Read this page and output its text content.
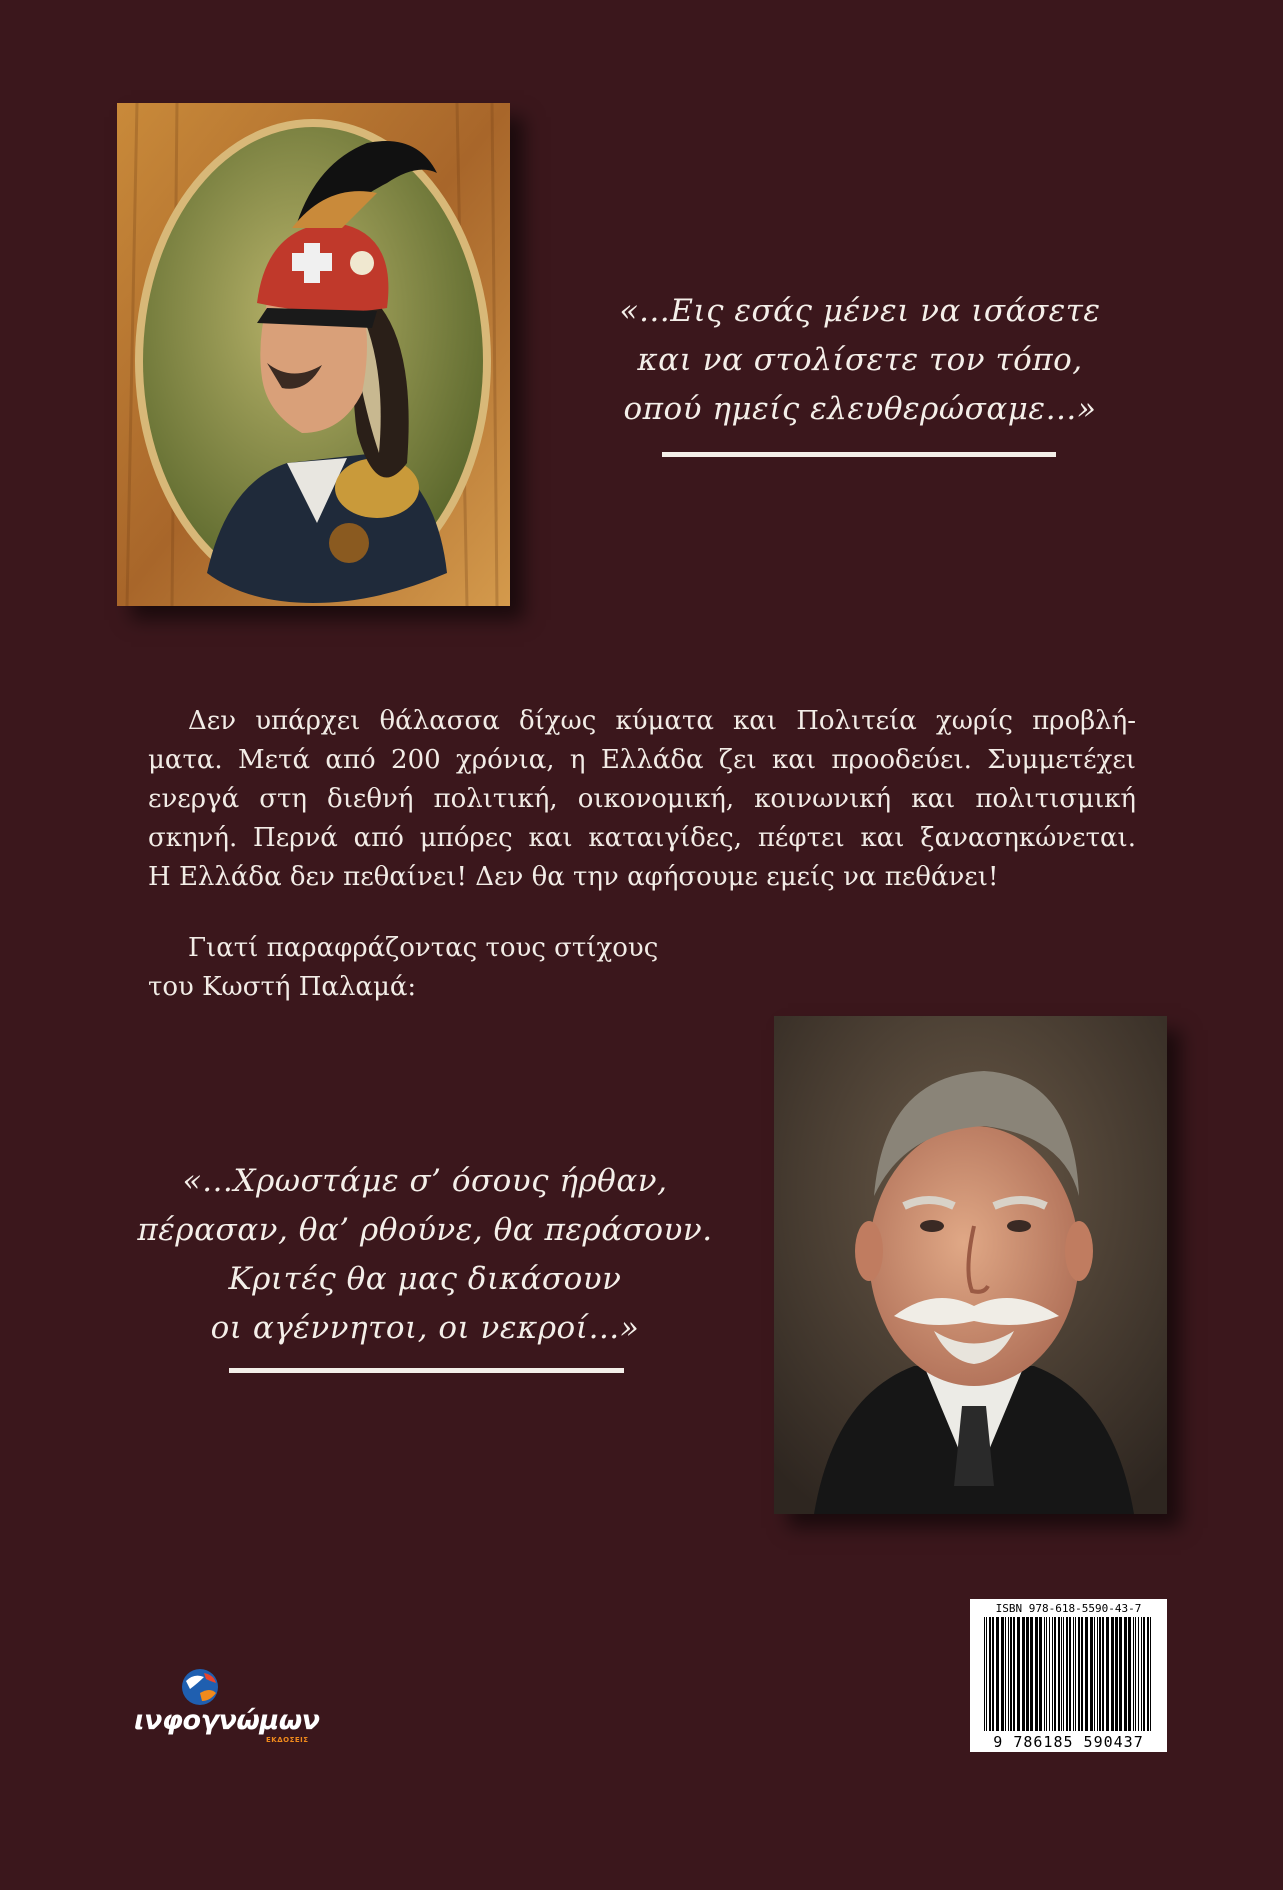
«…Εις εσάς μένει να ισάσετε
και να στολίσετε τον τόπο,
οπού ημείς ελευθερώσαμε…»
Δεν υπάρχει θάλασσα δίχως κύματα και Πολιτεία χωρίς προβλή-
ματα. Μετά από 200 χρόνια, η Ελλάδα ζει και προοδεύει. Συμμετέχει
ενεργά στη διεθνή πολιτική, οικονομική, κοινωνική και πολιτισμική
σκηνή. Περνά από μπόρες και καταιγίδες, πέφτει και ξανασηκώνεται.
Η Ελλάδα δεν πεθαίνει! Δεν θα την αφήσουμε εμείς να πεθάνει!
Γιατί παραφράζοντας τους στίχους
του Κωστή Παλαμά:
«…Χρωστάμε σ’ όσους ήρθαν,
πέρασαν, θα’ ρθούνε, θα περάσουν.
Κριτές θα μας δικάσουν
οι αγέννητοι, οι νεκροί…»
ινφογνώμων
ΕΚΔΟΣΕΙΣ
ISBN 978-618-5590-43-7
9 786185 590437
